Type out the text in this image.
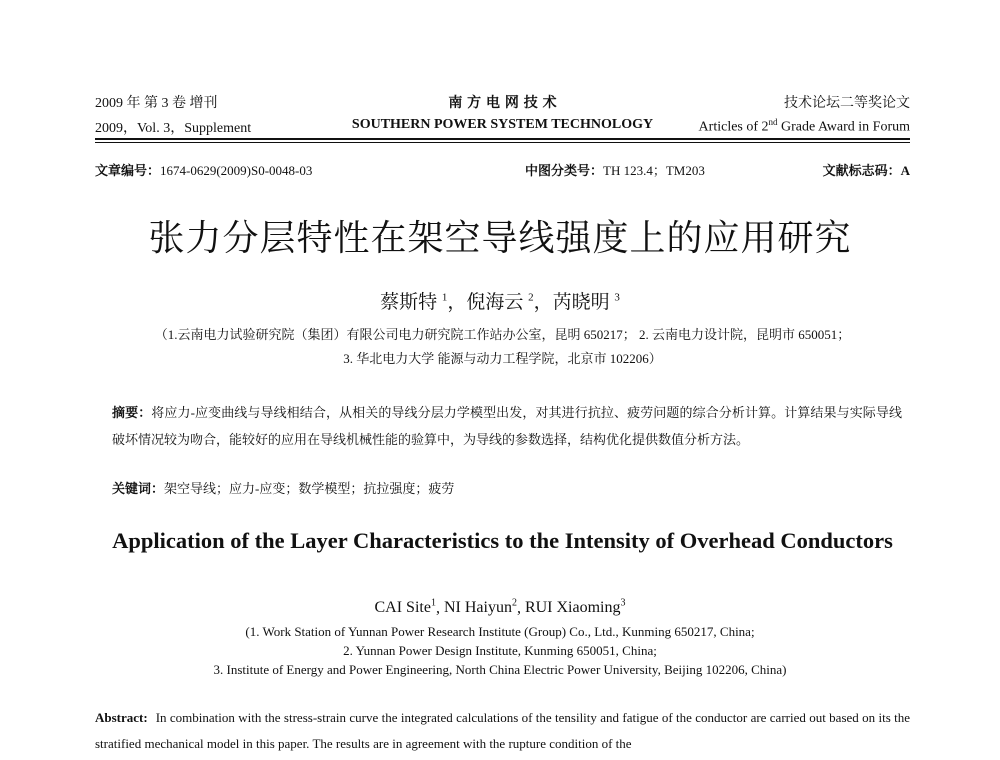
2009 年 第 3 卷 增刊	南 方 电 网 技 术	技术论坛二等奖论文
2009，Vol. 3，Supplement	SOUTHERN POWER SYSTEM TECHNOLOGY	Articles of 2nd Grade Award in Forum
文章编号：1674-0629(2009)S0-0048-03	中图分类号：TH 123.4；TM203	文献标志码：A
张力分层特性在架空导线强度上的应用研究
蔡斯特 $^1$，倪海云 $^2$，芮晓明 $^3$
（1.云南电力试验研究院（集团）有限公司电力研究院工作站办公室，昆明 650217； 2. 云南电力设计院，昆明市 650051；
3. 华北电力大学 能源与动力工程学院，北京市 102206）
摘要：将应力-应变曲线与导线相结合，从相关的导线分层力学模型出发，对其进行抗拉、疲劳问题的综合分析计算。计算结果与实际导线破坏情况较为吻合，能较好的应用在导线机械性能的验算中，为导线的参数选择，结构优化提供数值分析方法。
关键词：架空导线；应力-应变；数学模型；抗拉强度；疲劳
Application of the Layer Characteristics to the Intensity of Overhead Conductors
CAI Site$^1$, NI Haiyun$^2$, RUI Xiaoming$^3$
(1. Work Station of Yunnan Power Research Institute (Group) Co., Ltd., Kunming 650217, China;
2. Yunnan Power Design Institute, Kunming 650051, China;
3. Institute of Energy and Power Engineering, North China Electric Power University, Beijing 102206, China)
Abstract: In combination with the stress-strain curve the integrated calculations of the tensility and fatigue of the conductor are carried out based on its the stratified mechanical model in this paper. The results are in agreement with the rupture condition of the
